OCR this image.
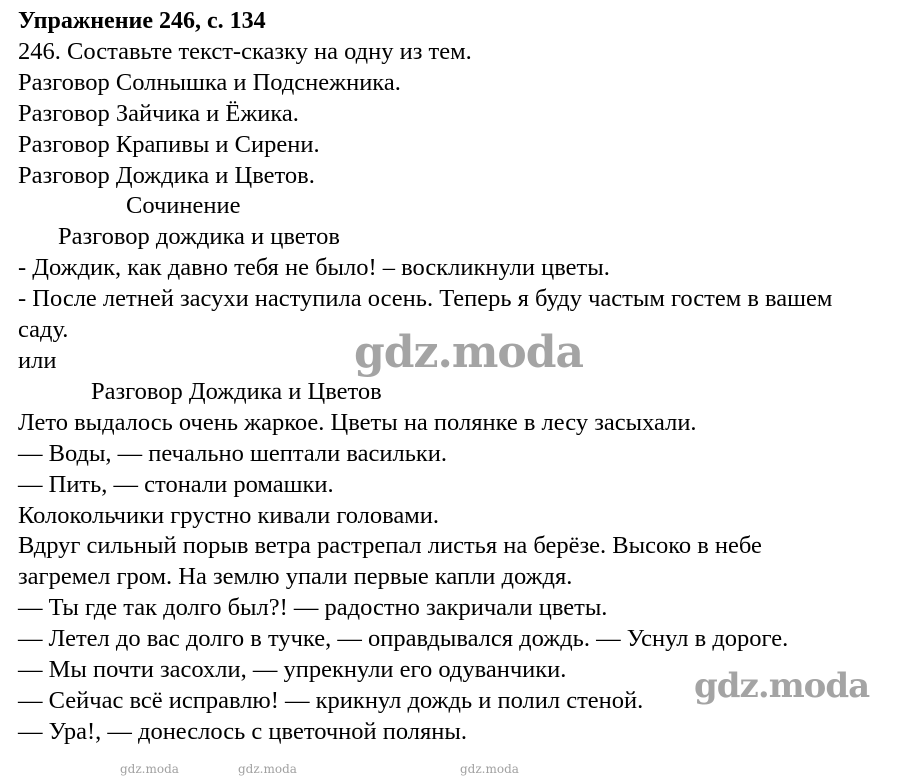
Упражнение 246, с. 134
246. Составьте текст-сказку на одну из тем.
Разговор Солнышка и Подснежника.
Разговор Зайчика и Ёжика.
Разговор Крапивы и Сирени.
Разговор Дождика и Цветов.
Сочинение
Разговор дождика и цветов
- Дождик, как давно тебя не было! – воскликнули цветы.
- После летней засухи наступила осень. Теперь я буду частым гостем в вашем
саду.
или
Разговор Дождика и Цветов
Лето выдалось очень жаркое. Цветы на полянке в лесу засыхали.
— Воды, — печально шептали васильки.
— Пить, — стонали ромашки.
Колокольчики грустно кивали головами.
Вдруг сильный порыв ветра растрепал листья на берёзе. Высоко в небе
загремел гром. На землю упали первые капли дождя.
— Ты где так долго был?! — радостно закричали цветы.
— Летел до вас долго в тучке, — оправдывался дождь. — Уснул в дороге.
— Мы почти засохли, — упрекнули его одуванчики.
— Сейчас всё исправлю! — крикнул дождь и полил стеной.
— Ура!, — донеслось с цветочной поляны.
gdz.moda
gdz.moda
gdz.moda	gdz.moda	gdz.moda
